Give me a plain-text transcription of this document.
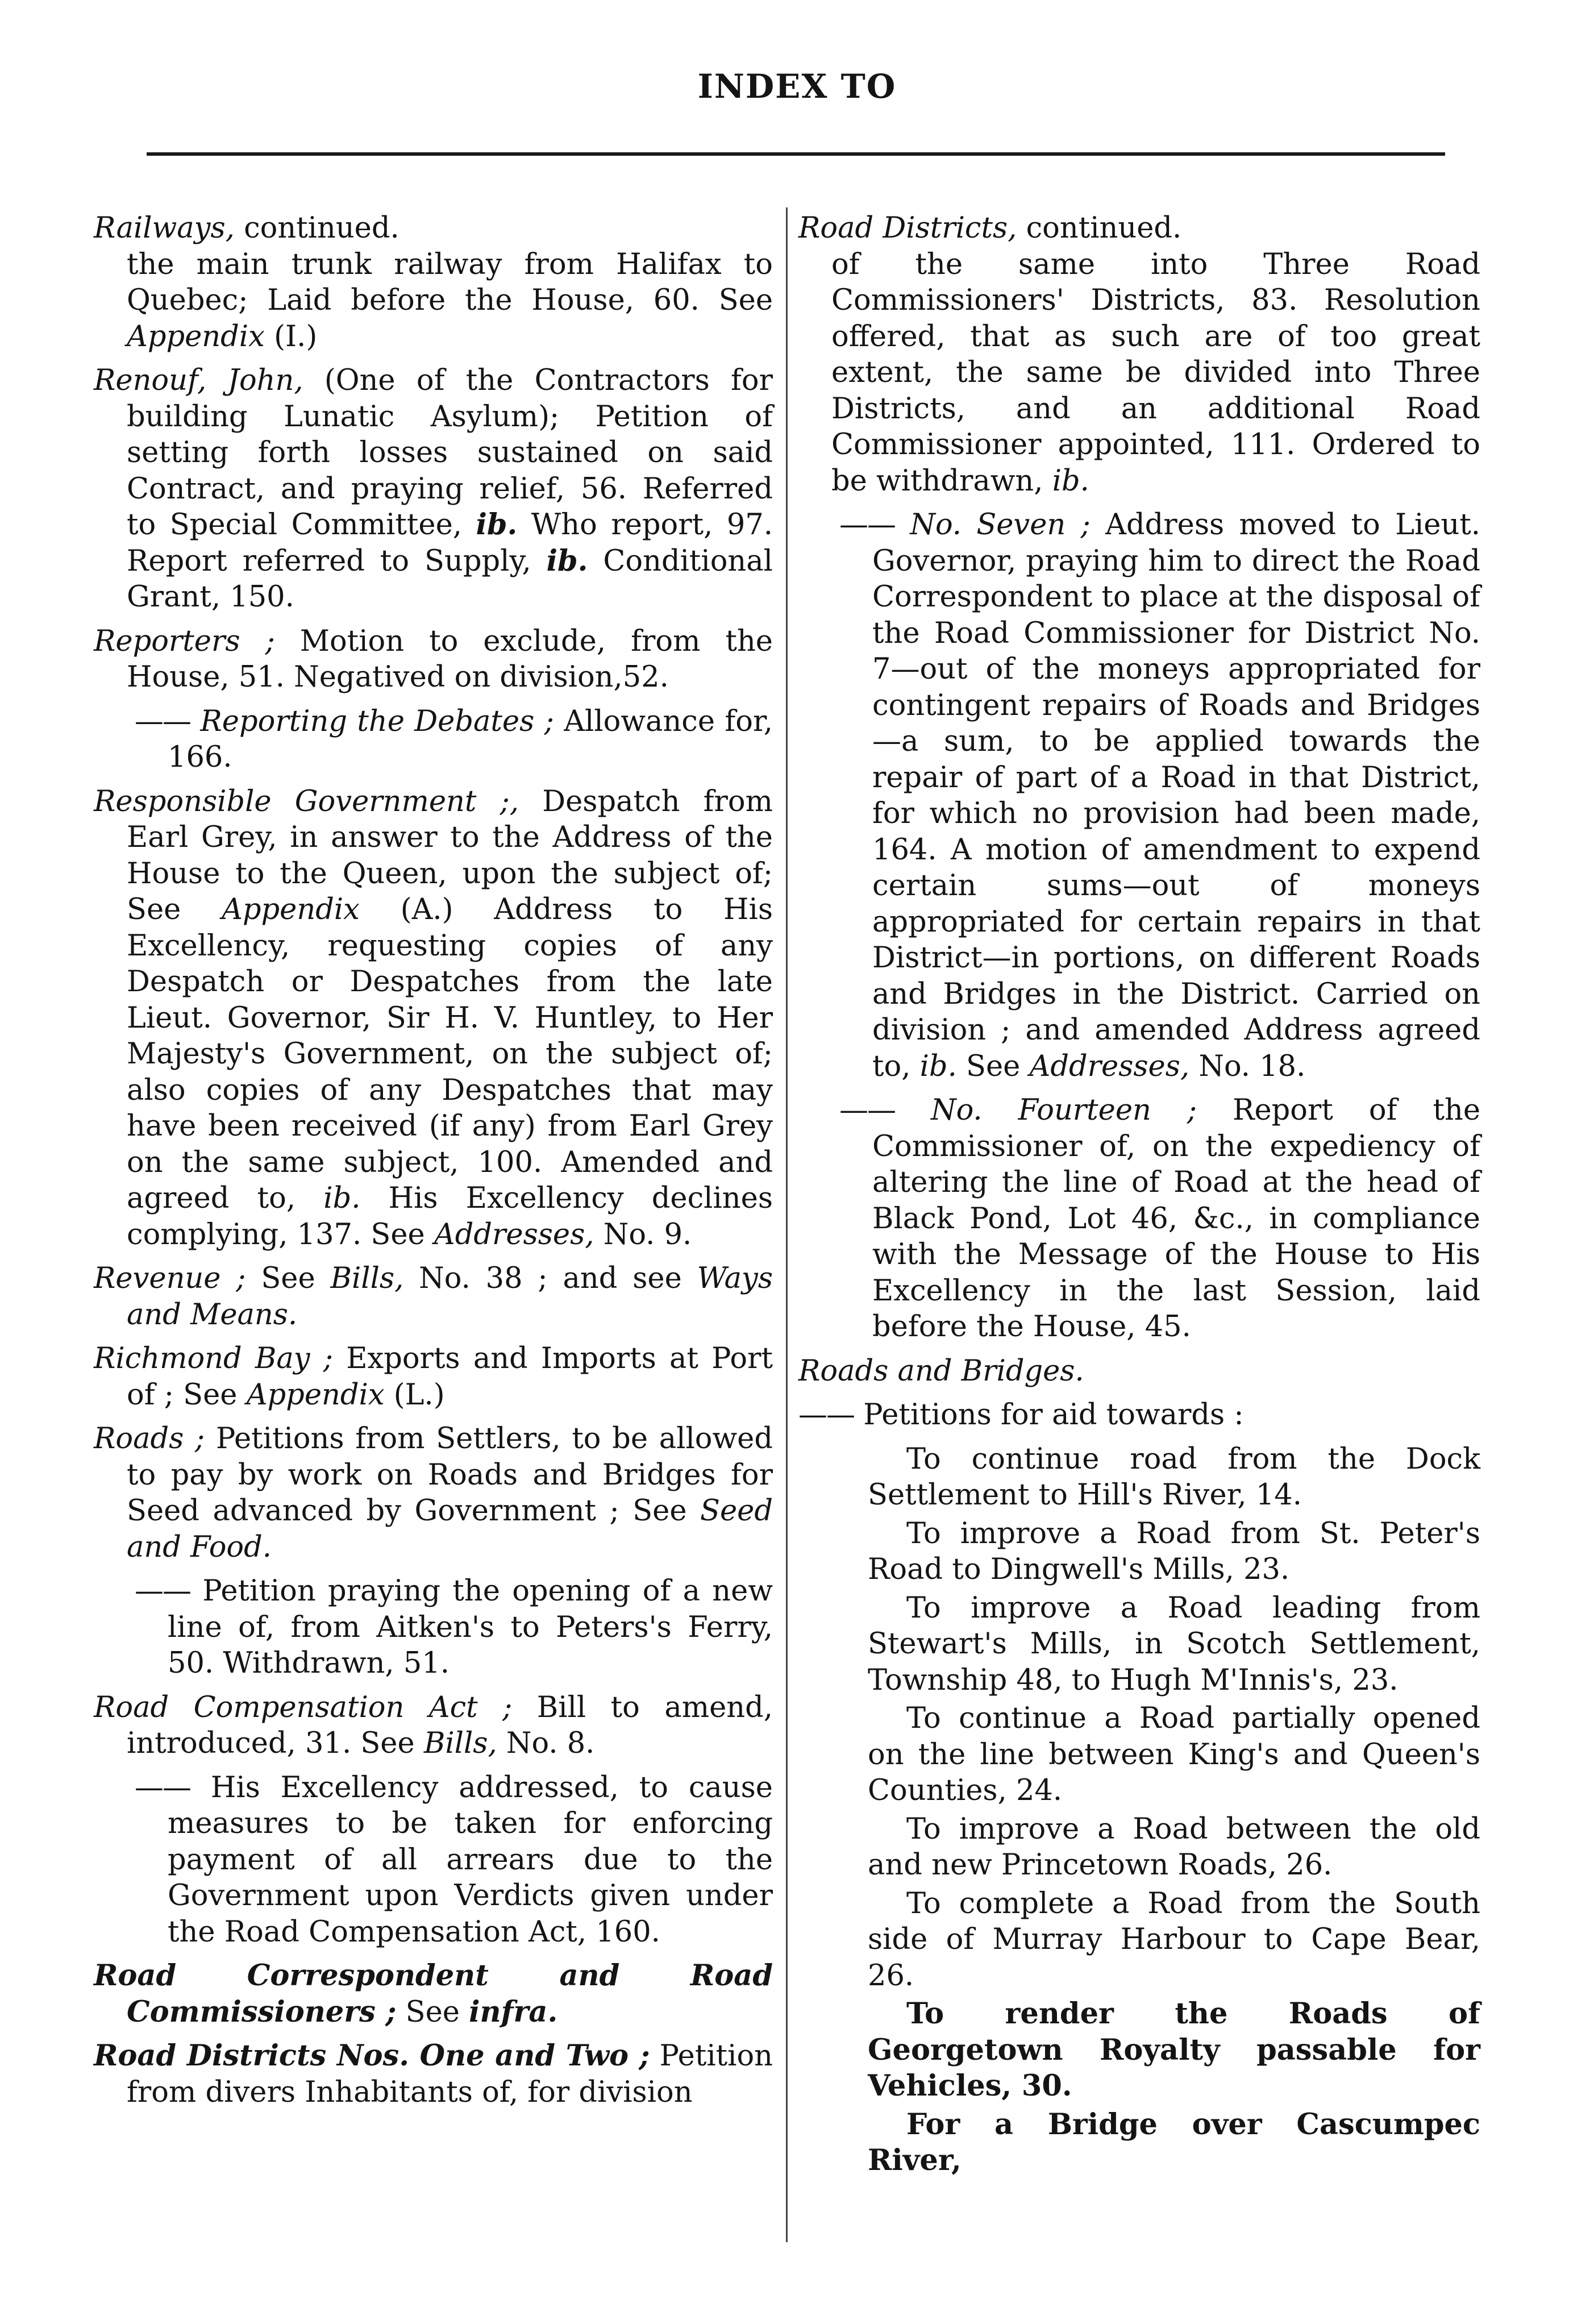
INDEX TO
Railways, continued.
the main trunk railway from Halifax to Quebec; Laid before the House, 60. See Appendix (I.)
Renouf, John, (One of the Contractors for building Lunatic Asylum); Petition of setting forth losses sustained on said Contract, and praying relief, 56. Referred to Special Committee, ib. Who report, 97. Report referred to Supply, ib. Conditional Grant, 150.
Reporters ; Motion to exclude, from the House, 51. Negatived on division,52.
—— Reporting the Debates ; Allowance for, 166.
Responsible Government ;, Despatch from Earl Grey, in answer to the Address of the House to the Queen, upon the subject of; See Appendix (A.) Address to His Excellency, requesting copies of any Despatch or Despatches from the late Lieut. Governor, Sir H. V. Huntley, to Her Majesty's Government, on the subject of; also copies of any Despatches that may have been received (if any) from Earl Grey on the same subject, 100. Amended and agreed to, ib. His Excellency declines complying, 137. See Addresses, No. 9.
Revenue ; See Bills, No. 38 ; and see Ways and Means.
Richmond Bay ; Exports and Imports at Port of ; See Appendix (L.)
Roads ; Petitions from Settlers, to be allowed to pay by work on Roads and Bridges for Seed advanced by Government ; See Seed and Food.
—— Petition praying the opening of a new line of, from Aitken's to Peters's Ferry, 50. Withdrawn, 51.
Road Compensation Act ; Bill to amend, introduced, 31. See Bills, No. 8.
—— His Excellency addressed, to cause measures to be taken for enforcing payment of all arrears due to the Government upon Verdicts given under the Road Compensation Act, 160.
Road Correspondent and Road Commissioners ; See infra.
Road Districts Nos. One and Two ; Petition from divers Inhabitants of, for division
Road Districts, continued.
of the same into Three Road Commissioners' Districts, 83. Resolution offered, that as such are of too great extent, the same be divided into Three Districts, and an additional Road Commissioner appointed, 111. Ordered to be withdrawn, ib.
—— No. Seven ; Address moved to Lieut. Governor, praying him to direct the Road Correspondent to place at the disposal of the Road Commissioner for District No. 7—out of the moneys appropriated for contingent repairs of Roads and Bridges—a sum, to be applied towards the repair of part of a Road in that District, for which no provision had been made, 164. A motion of amendment to expend certain sums—out of moneys appropriated for certain repairs in that District—in portions, on different Roads and Bridges in the District. Carried on division ; and amended Address agreed to, ib. See Addresses, No. 18.
—— No. Fourteen ; Report of the Commissioner of, on the expediency of altering the line of Road at the head of Black Pond, Lot 46, &c., in compliance with the Message of the House to His Excellency in the last Session, laid before the House, 45.
Roads and Bridges.
—— Petitions for aid towards :
To continue road from the Dock Settlement to Hill's River, 14.
To improve a Road from St. Peter's Road to Dingwell's Mills, 23.
To improve a Road leading from Stewart's Mills, in Scotch Settlement, Township 48, to Hugh M'Innis's, 23.
To continue a Road partially opened on the line between King's and Queen's Counties, 24.
To improve a Road between the old and new Princetown Roads, 26.
To complete a Road from the South side of Murray Harbour to Cape Bear, 26.
To render the Roads of Georgetown Royalty passable for Vehicles, 30.
For a Bridge over Cascumpec River,
